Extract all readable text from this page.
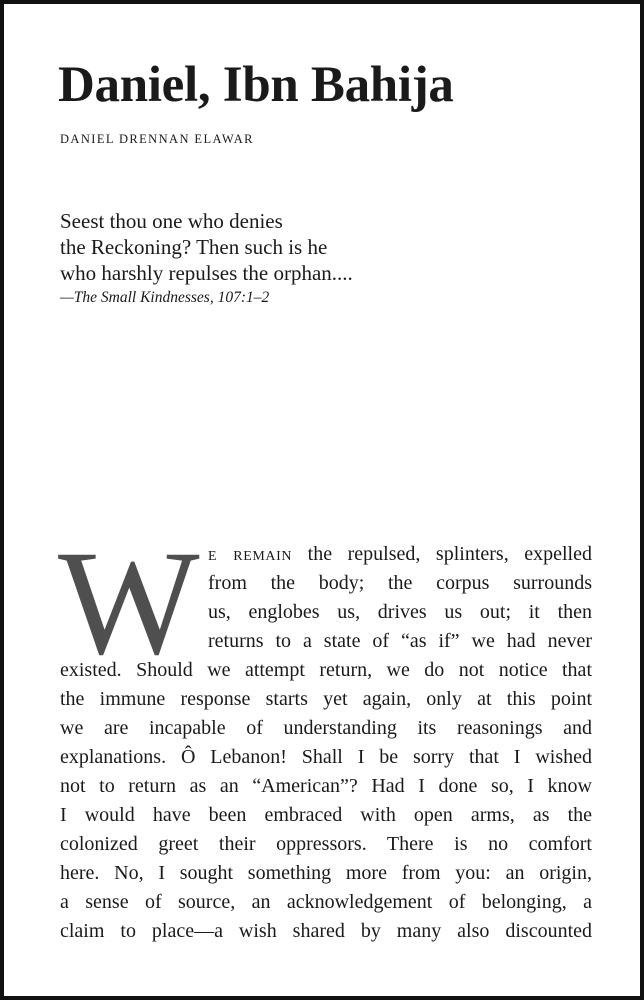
Daniel, Ibn Bahija
DANIEL DRENNAN ELAWAR
Seest thou one who denies
the Reckoning? Then such is he
who harshly repulses the orphan....
—The Small Kindnesses, 107:1–2
W e remain the repulsed, splinters, expelled
from the body; the corpus surrounds
us, englobes us, drives us out; it then
returns to a state of “as if” we had never
existed. Should we attempt return, we do not notice that
the immune response starts yet again, only at this point
we are incapable of understanding its reasonings and
explanations. Ô Lebanon! Shall I be sorry that I wished
not to return as an “American”? Had I done so, I know
I would have been embraced with open arms, as the
colonized greet their oppressors. There is no comfort
here. No, I sought something more from you: an origin,
a sense of source, an acknowledgement of belonging, a
claim to place—a wish shared by many also discounted
